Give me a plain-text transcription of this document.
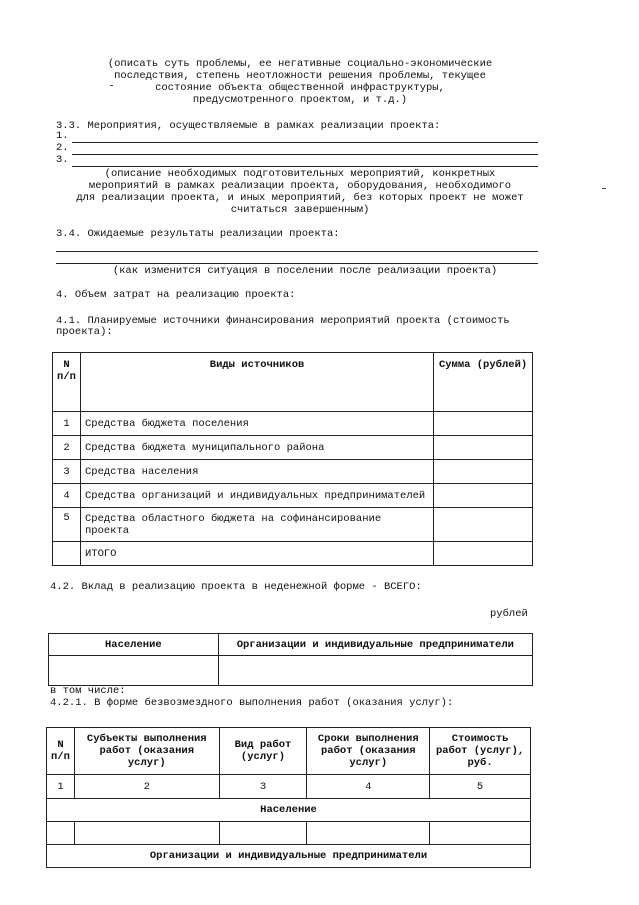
(описать суть проблемы, ее негативные социально-экономические
последствия, степень неотложности решения проблемы, текущее
состояние объекта общественной инфраструктуры,
предусмотренного проектом, и т.д.)
3.3. Мероприятия, осуществляемые в рамках реализации проекта:
1.
2.
3.
(описание необходимых подготовительных мероприятий, конкретных
мероприятий в рамках реализации проекта, оборудования, необходимого
для реализации проекта, и иных мероприятий, без которых проект не может
считаться завершенным)
3.4. Ожидаемые результаты реализации проекта:
(как изменится ситуация в поселении после реализации проекта)
4. Объем затрат на реализацию проекта:
4.1. Планируемые источники финансирования мероприятий проекта (стоимость
проекта):
N п/п	Виды источников	Сумма (рублей)
1	Средства бюджета поселения	
2	Средства бюджета муниципального района	
3	Средства населения	
4	Средства организаций и индивидуальных предпринимателей	
5	Средства областного бюджета на софинансирование проекта	
	ИТОГО	
4.2. Вклад в реализацию проекта в неденежной форме - ВСЕГО:
рублей
Население	Организации и индивидуальные предприниматели

в том числе:
4.2.1. В форме безвозмездного выполнения работ (оказания услуг):
N п/п	Субъекты выполнения работ (оказания услуг)	Вид работ (услуг)	Сроки выполнения работ (оказания услуг)	Стоимость работ (услуг), руб.
1	2	3	4	5
Население				

Организации и индивидуальные предприниматели				
